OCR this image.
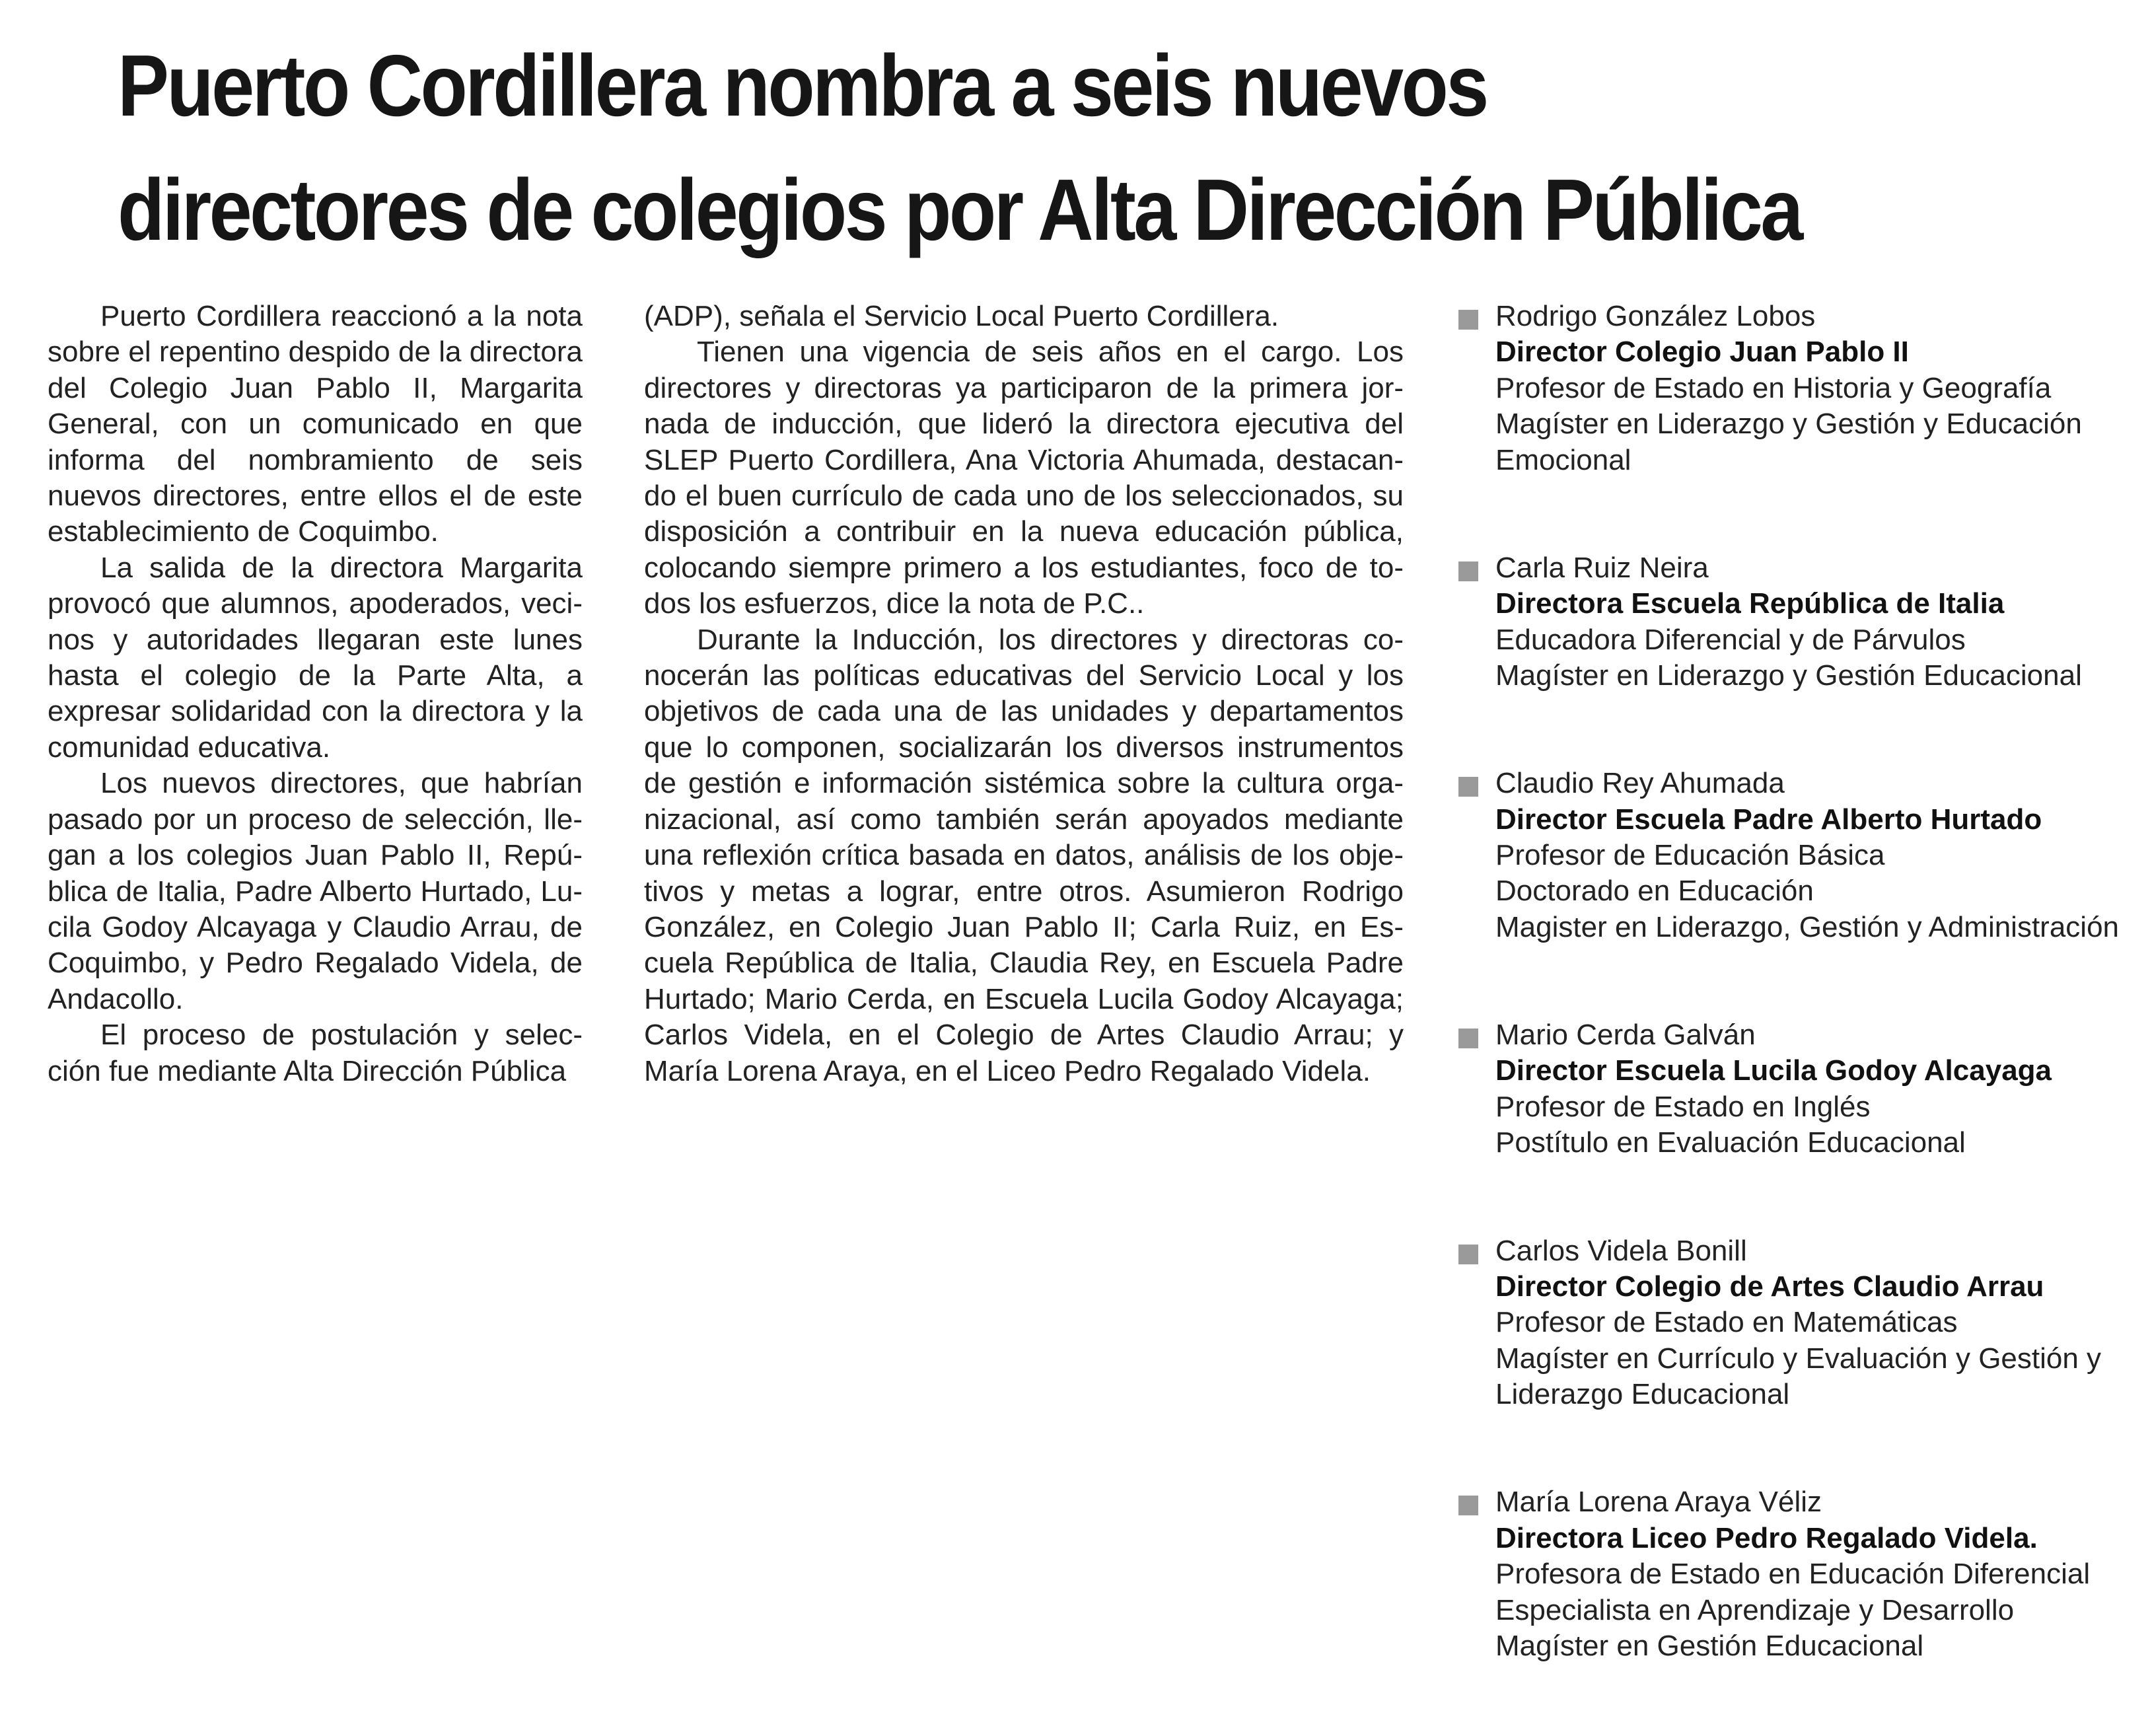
Puerto Cordillera nombra a seis nuevos
directores de colegios por Alta Dirección Pública

Puerto Cordillera reaccionó a la nota sobre el repentino despido de la directora del Colegio Juan Pablo II, Margarita General, con un comunicado en que informa del nombramiento de seis nuevos directores, entre ellos el de este establecimiento de Coquimbo.

La salida de la directora Margarita provocó que alumnos, apoderados, vecinos y autoridades llegaran este lunes hasta el colegio de la Parte Alta, a expresar solidaridad con la directora y la comunidad educativa.

Los nuevos directores, que habrían pasado por un proceso de selección, llegan a los colegios Juan Pablo II, República de Italia, Padre Alberto Hurtado, Lucila Godoy Alcayaga y Claudio Arrau, de Coquimbo, y Pedro Regalado Videla, de Andacollo.

El proceso de postulación y selección fue mediante Alta Dirección Pública

(ADP), señala el Servicio Local Puerto Cordillera.

Tienen una vigencia de seis años en el cargo. Los directores y directoras ya participaron de la primera jornada de inducción, que lideró la directora ejecutiva del SLEP Puerto Cordillera, Ana Victoria Ahumada, destacando el buen currículo de cada uno de los seleccionados, su disposición a contribuir en la nueva educación pública, colocando siempre primero a los estudiantes, foco de todos los esfuerzos, dice la nota de P.C..

Durante la Inducción, los directores y directoras conocerán las políticas educativas del Servicio Local y los objetivos de cada una de las unidades y departamentos que lo componen, socializarán los diversos instrumentos de gestión e información sistémica sobre la cultura organizacional, así como también serán apoyados mediante una reflexión crítica basada en datos, análisis de los objetivos y metas a lograr, entre otros. Asumieron Rodrigo González, en Colegio Juan Pablo II; Carla Ruiz, en Escuela República de Italia, Claudia Rey, en Escuela Padre Hurtado; Mario Cerda, en Escuela Lucila Godoy Alcayaga; Carlos Videla, en el Colegio de Artes Claudio Arrau; y María Lorena Araya, en el Liceo Pedro Regalado Videla.

Rodrigo González Lobos
Director Colegio Juan Pablo II
Profesor de Estado en Historia y Geografía
Magíster en Liderazgo y Gestión y Educación
Emocional
Carla Ruiz Neira
Directora Escuela República de Italia
Educadora Diferencial y de Párvulos
Magíster en Liderazgo y Gestión Educacional
Claudio Rey Ahumada
Director Escuela Padre Alberto Hurtado
Profesor de Educación Básica
Doctorado en Educación
Magister en Liderazgo, Gestión y Administración
Mario Cerda Galván
Director Escuela Lucila Godoy Alcayaga
Profesor de Estado en Inglés
Postítulo en Evaluación Educacional
Carlos Videla Bonill
Director Colegio de Artes Claudio Arrau
Profesor de Estado en Matemáticas
Magíster en Currículo y Evaluación y Gestión y
Liderazgo Educacional
María Lorena Araya Véliz
Directora Liceo Pedro Regalado Videla.
Profesora de Estado en Educación Diferencial
Especialista en Aprendizaje y Desarrollo
Magíster en Gestión Educacional
